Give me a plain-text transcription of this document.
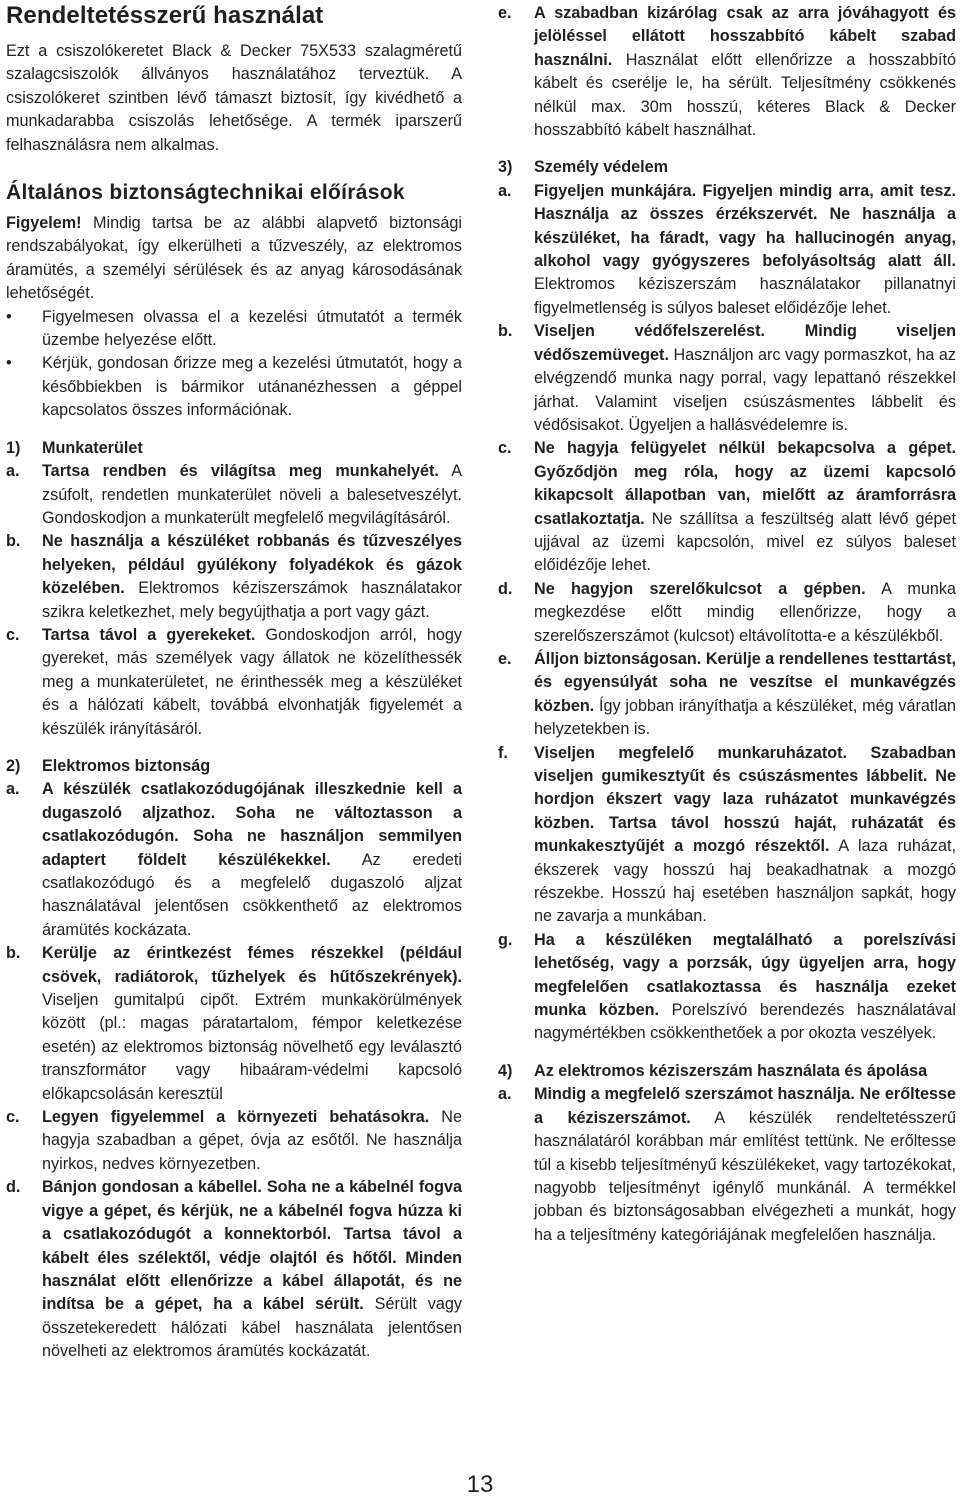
Rendeltetésszerű használat

Ezt a csiszolókeretet Black & Decker 75X533 szalagméretű szalagcsiszolók állványos használatához terveztük. A csiszolókeret szintben lévő támaszt biztosít, így kivédhető a munkadarabba csiszolás lehetősége. A termék iparszerű felhasználásra nem alkalmas.

Általános biztonságtechnikai előírások

Figyelem! Mindig tartsa be az alábbi alapvető biztonsági rendszabályokat, így elkerülheti a tűzveszély, az elektromos áramütés, a személyi sérülések és az anyag károsodásának lehetőségét.

•	Figyelmesen olvassa el a kezelési útmutatót a termék üzembe helyezése előtt.
•	Kérjük, gondosan őrizze meg a kezelési útmutatót, hogy a későbbiekben is bármikor utánanézhessen a géppel kapcsolatos összes információnak.
1)	Munkaterület
a.	Tartsa rendben és világítsa meg munkahelyét. A zsúfolt, rendetlen munkaterület növeli a balesetveszélyt. Gondoskodjon a munkaterült megfelelő megvilágításáról.
b.	Ne használja a készüléket robbanás és tűzveszélyes helyeken, például gyúlékony folyadékok és gázok közelében. Elektromos kéziszerszámok használatakor szikra keletkezhet, mely begyújthatja a port vagy gázt.
c.	Tartsa távol a gyerekeket. Gondoskodjon arról, hogy gyereket, más személyek vagy állatok ne közelíthessék meg a munkaterületet, ne érinthessék meg a készüléket és a hálózati kábelt, továbbá elvonhatják figyelemét a készülék irányításáról.
2)	Elektromos biztonság
a.	A készülék csatlakozódugójának illeszkednie kell a dugaszoló aljzathoz. Soha ne változtasson a csatlakozódugón. Soha ne használjon semmilyen adaptert földelt készülékekkel. Az eredeti csatlakozódugó és a megfelelő dugaszoló aljzat használatával jelentősen csökkenthető az elektromos áramütés kockázata.
b.	Kerülje az érintkezést fémes részekkel (például csövek, radiátorok, tűzhelyek és hűtőszekrények). Viseljen gumitalpú cipőt. Extrém munkakörülmények között (pl.: magas páratartalom, fémpor keletkezése esetén) az elektromos biztonság növelhető egy leválasztó transzformátor vagy hibaáram-védelmi kapcsoló előkapcsolásán keresztül
c.	Legyen figyelemmel a környezeti behatásokra. Ne hagyja szabadban a gépet, óvja az esőtől. Ne használja nyirkos, nedves környezetben.
d.	Bánjon gondosan a kábellel. Soha ne a kábelnél fogva vigye a gépet, és kérjük, ne a kábelnél fogva húzza ki a csatlakozódugót a konnektorból. Tartsa távol a kábelt éles szélektől, védje olajtól és hőtől. Minden használat előtt ellenőrizze a kábel állapotát, és ne indítsa be a gépet, ha a kábel sérült. Sérült vagy összetekeredett hálózati kábel használata jelentősen növelheti az elektromos áramütés kockázatát.
e.	A szabadban kizárólag csak az arra jóváhagyott és jelöléssel ellátott hosszabbító kábelt szabad használni. Használat előtt ellenőrizze a hosszabbító kábelt és cserélje le, ha sérült. Teljesítmény csökkenés nélkül max. 30m hosszú, kéteres Black & Decker hosszabbító kábelt használhat.
3)	Személy védelem
a.	Figyeljen munkájára. Figyeljen mindig arra, amit tesz. Használja az összes érzékszervét. Ne használja a készüléket, ha fáradt, vagy ha hallucinogén anyag, alkohol vagy gyógyszeres befolyásoltság alatt áll. Elektromos kéziszerszám használatakor pillanatnyi figyelmetlenség is súlyos baleset előidézője lehet.
b.	Viseljen védőfelszerelést. Mindig viseljen védőszemüveget. Használjon arc vagy pormaszkot, ha az elvégzendő munka nagy porral, vagy lepattanó részekkel járhat. Valamint viseljen csúszásmentes lábbelit és védősisakot. Ügyeljen a hallásvédelemre is.
c.	Ne hagyja felügyelet nélkül bekapcsolva a gépet. Győződjön meg róla, hogy az üzemi kapcsoló kikapcsolt állapotban van, mielőtt az áramforrásra csatlakoztatja. Ne szállítsa a feszültség alatt lévő gépet ujjával az üzemi kapcsolón, mivel ez súlyos baleset előidézője lehet.
d.	Ne hagyjon szerelőkulcsot a gépben. A munka megkezdése előtt mindig ellenőrizze, hogy a szerelőszerszámot (kulcsot) eltávolította-e a készülékből.
e.	Álljon biztonságosan. Kerülje a rendellenes testtartást, és egyensúlyát soha ne veszítse el munkavégzés közben. Így jobban irányíthatja a készüléket, még váratlan helyzetekben is.
f.	Viseljen megfelelő munkaruházatot. Szabadban viseljen gumikesztyűt és csúszásmentes lábbelit. Ne hordjon ékszert vagy laza ruházatot munkavégzés közben. Tartsa távol hosszú haját, ruházatát és munkakesztyűjét a mozgó részektől. A laza ruházat, ékszerek vagy hosszú haj beakadhatnak a mozgó részekbe. Hosszú haj esetében használjon sapkát, hogy ne zavarja a munkában.
g.	Ha a készüléken megtalálható a porelszívási lehetőség, vagy a porzsák, úgy ügyeljen arra, hogy megfelelően csatlakoztassa és használja ezeket munka közben. Porelszívó berendezés használatával nagymértékben csökkenthetőek a por okozta veszélyek.
4)	Az elektromos kéziszerszám használata és ápolása
a.	Mindig a megfelelő szerszámot használja. Ne erőltesse a kéziszerszámot. A készülék rendeltetésszerű használatáról korábban már említést tettünk. Ne erőltesse túl a kisebb teljesítményű készülékeket, vagy tartozékokat, nagyobb teljesítményt igénylő munkánál. A termékkel jobban és biztonságosabban elvégezheti a munkát, hogy ha a teljesítmény kategóriájának megfelelően használja.
13
